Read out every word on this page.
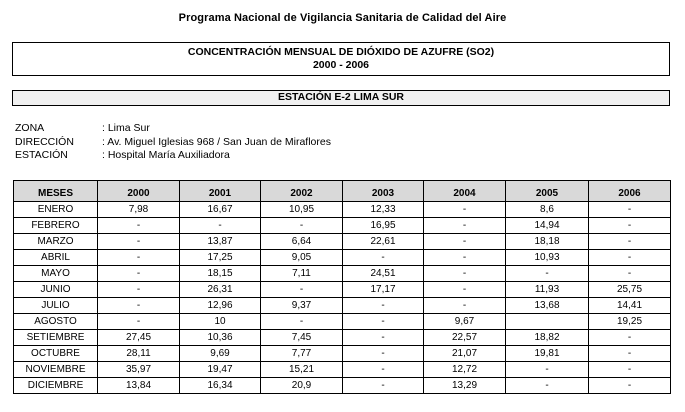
Programa Nacional de Vigilancia Sanitaria de Calidad del Aire
CONCENTRACIÓN MENSUAL DE DIÓXIDO DE AZUFRE (SO2)
2000 - 2006
ESTACIÓN E-2 LIMA SUR
ZONA	: Lima Sur
DIRECCIÓN	: Av. Miguel Iglesias 968 / San Juan de Miraflores
ESTACIÓN	: Hospital María Auxiliadora
MESES	2000	2001	2002	2003	2004	2005	2006

ENERO	7,98	16,67	10,95	12,33	-	8,6	-
FEBRERO	-	-	-	16,95	-	14,94	-
MARZO	-	13,87	6,64	22,61	-	18,18	-
ABRIL	-	17,25	9,05	-	-	10,93	-
MAYO	-	18,15	7,11	24,51	-	-	-
JUNIO	-	26,31	-	17,17	-	11,93	25,75
JULIO	-	12,96	9,37	-	-	13,68	14,41
AGOSTO	-	10	-	-	9,67		19,25
SETIEMBRE	27,45	10,36	7,45	-	22,57	18,82	-
OCTUBRE	28,11	9,69	7,77	-	21,07	19,81	-
NOVIEMBRE	35,97	19,47	15,21	-	12,72	-	-
DICIEMBRE	13,84	16,34	20,9	-	13,29	-	-
